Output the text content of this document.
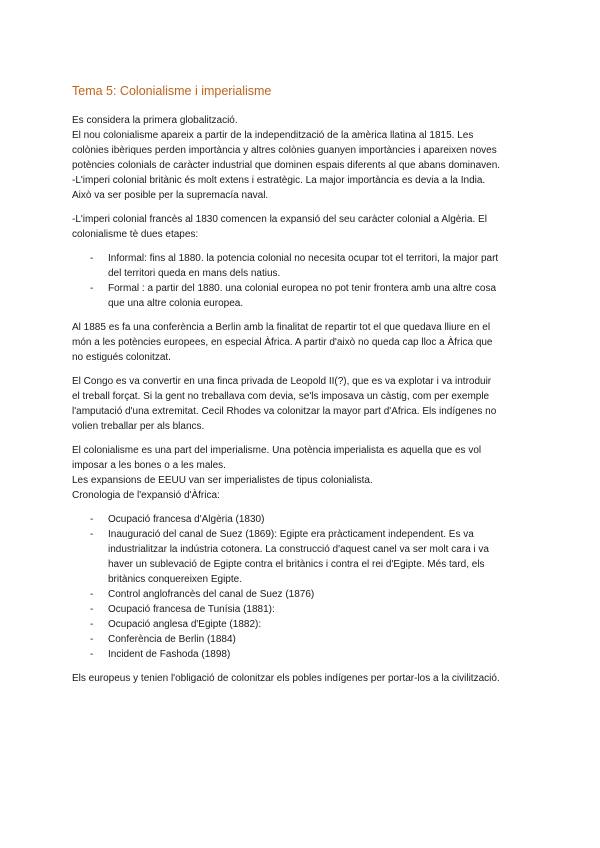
Tema 5: Colonialisme i imperialisme
Es considera la primera globalització.
El nou colonialisme apareix a partir de la independització de la amèrica llatina al 1815. Les
colònies ibèriques perden importància y altres colònies guanyen importàncies i apareixen noves
potències colonials de caràcter industrial que dominen espais diferents al que abans dominaven.
-L'imperi colonial britànic és molt extens i estratègic. La major importància es devia a la India.
Això va ser posible per la supremacía naval.
-L'imperi colonial francès al 1830 comencen la expansió del seu caràcter colonial a Algèria. El
colonialisme tè dues etapes:
- Informal: fins al 1880. la potencia colonial no necesita ocupar tot el territori, la major part
del territori queda en mans dels natius.
- Formal : a partir del 1880. una colonial europea no pot tenir frontera amb una altre cosa
que una altre colonia europea.
Al 1885 es fa una conferència a Berlin amb la finalitat de repartir tot el que quedava lliure en el
món a les potències europees, en especial Àfrica. A partir d'això no queda cap lloc a Àfrica que
no estigués colonitzat.
El Congo es va convertir en una finca privada de Leopold II(?), que es va explotar i va introduir
el treball forçat. Si la gent no treballava com devia, se'ls imposava un càstig, com per exemple
l'amputació d'una extremitat. Cecil Rhodes va colonitzar la mayor part d'Africa. Els indígenes no
volien treballar per als blancs.
El colonialisme es una part del imperialisme. Una potència imperialista es aquella que es vol
imposar a les bones o a les males.
Les expansions de EEUU van ser imperialistes de tipus colonialista.
Cronologia de l'expansió d'Àfrica:
- Ocupació francesa d'Algèria (1830)
- Inauguració del canal de Suez (1869): Egipte era pràcticament independent. Es va
industrialitzar la indústria cotonera. La construcció d'aquest canel va ser molt cara i va
haver un sublevació de Egipte contra el britànics i contra el rei d'Egipte. Més tard, els
britànics conquereixen Egipte.
- Control anglofrancès del canal de Suez (1876)
- Ocupació francesa de Tunísia (1881):
- Ocupació anglesa d'Egipte (1882):
- Conferència de Berlin (1884)
- Incident de Fashoda (1898)
Els europeus y tenien l'obligació de colonitzar els pobles indígenes per portar-los a la civilització.
